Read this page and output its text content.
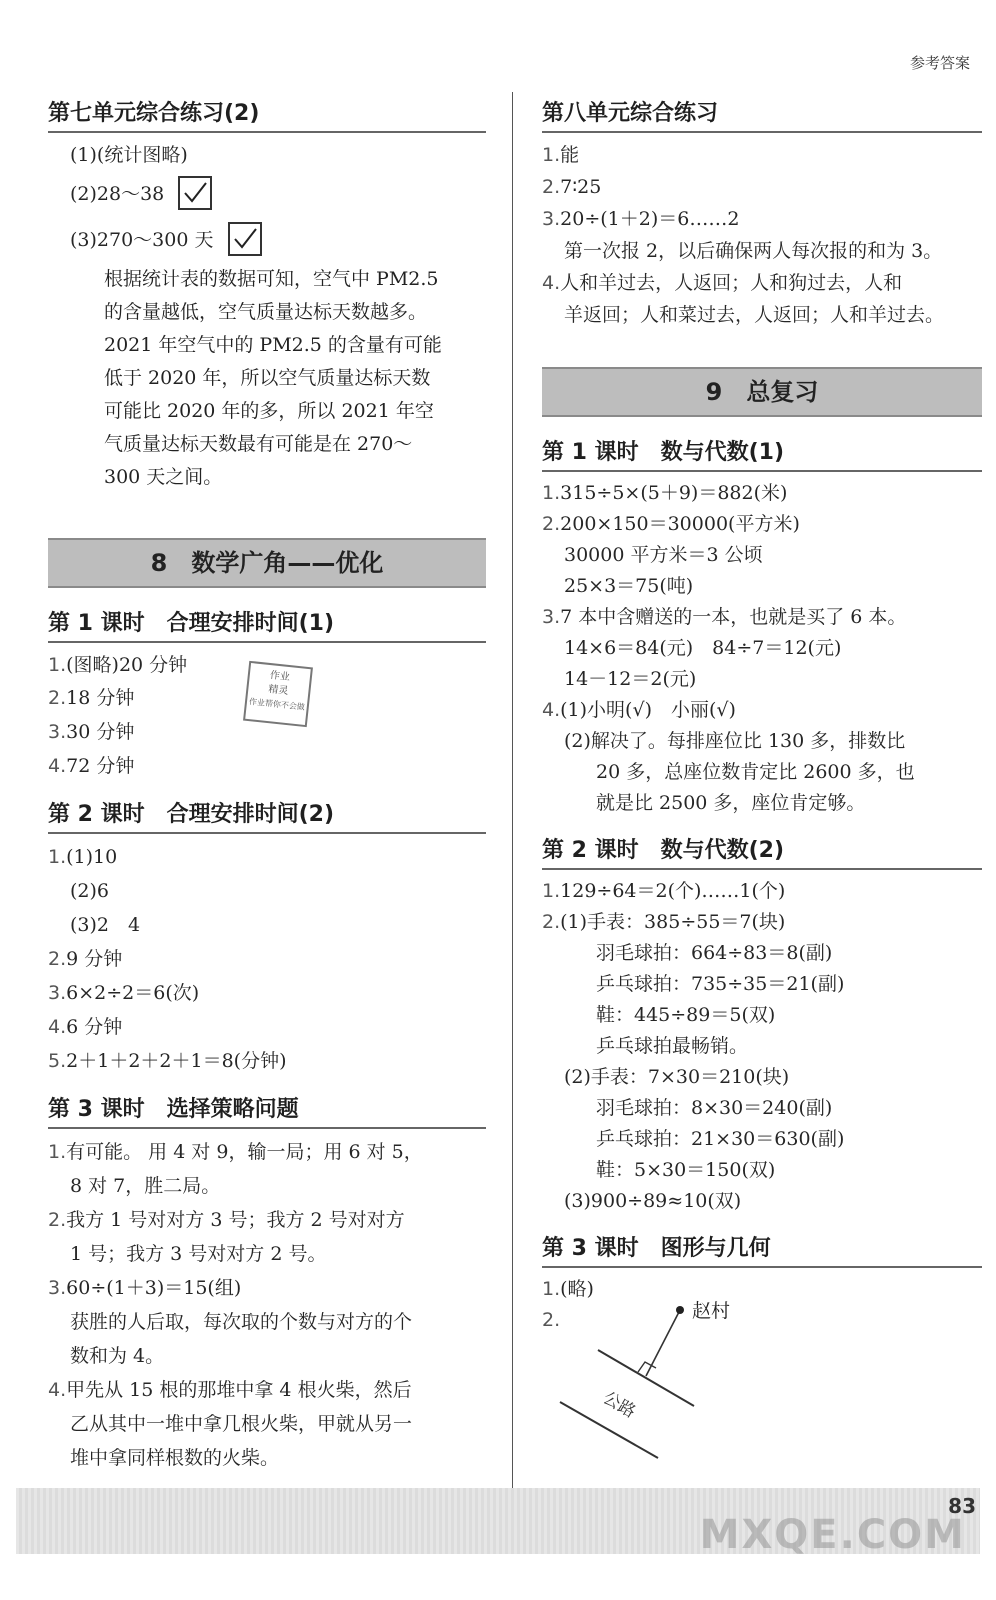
参考答案
第七单元综合练习(2)
(1)(统计图略)
(2)28～38
(3)270～300 天
根据统计表的数据可知，空气中 PM2.5
的含量越低，空气质量达标天数越多。
2021 年空气中的 PM2.5 的含量有可能
低于 2020 年，所以空气质量达标天数
可能比 2020 年的多，所以 2021 年空
气质量达标天数最有可能是在 270～
300 天之间。
8　数学广角——优化
第 1 课时　合理安排时间(1)
1.(图略)20 分钟
2.18 分钟
3.30 分钟
4.72 分钟
第 2 课时　合理安排时间(2)
1.(1)10
(2)6
(3)2　4
2.9 分钟
3.6×2÷2＝6(次)
4.6 分钟
5.2＋1＋2＋2＋1＝8(分钟)
第 3 课时　选择策略问题
1.有可能。 用 4 对 9，输一局；用 6 对 5，
8 对 7，胜二局。
2.我方 1 号对对方 3 号；我方 2 号对对方
1 号；我方 3 号对对方 2 号。
3.60÷(1＋3)＝15(组)
获胜的人后取，每次取的个数与对方的个
数和为 4。
4.甲先从 15 根的那堆中拿 4 根火柴，然后
乙从其中一堆中拿几根火柴，甲就从另一
堆中拿同样根数的火柴。
作业
精灵
作业帮你不会做
第八单元综合练习
1.能
2.7∶25
3.20÷(1＋2)＝6……2
第一次报 2，以后确保两人每次报的和为 3。
4.人和羊过去，人返回；人和狗过去，人和
羊返回；人和菜过去，人返回；人和羊过去。
9　总复习
第 1 课时　数与代数(1)
1.315÷5×(5＋9)＝882(米)
2.200×150＝30000(平方米)
30000 平方米＝3 公顷
25×3＝75(吨)
3.7 本中含赠送的一本，也就是买了 6 本。
14×6＝84(元)　84÷7＝12(元)
14－12＝2(元)
4.(1)小明(√)　小丽(√)
(2)解决了。每排座位比 130 多，排数比
20 多，总座位数肯定比 2600 多，也
就是比 2500 多，座位肯定够。
第 2 课时　数与代数(2)
1.129÷64＝2(个)……1(个)
2.(1)手表：385÷55＝7(块)
羽毛球拍：664÷83＝8(副)
乒乓球拍：735÷35＝21(副)
鞋：445÷89＝5(双)
乒乓球拍最畅销。
(2)手表：7×30＝210(块)
羽毛球拍：8×30＝240(副)
乒乓球拍：21×30＝630(副)
鞋：5×30＝150(双)
(3)900÷89≈10(双)
第 3 课时　图形与几何
1.(略)
2.	赵村
公路
MXQE.COM
83
